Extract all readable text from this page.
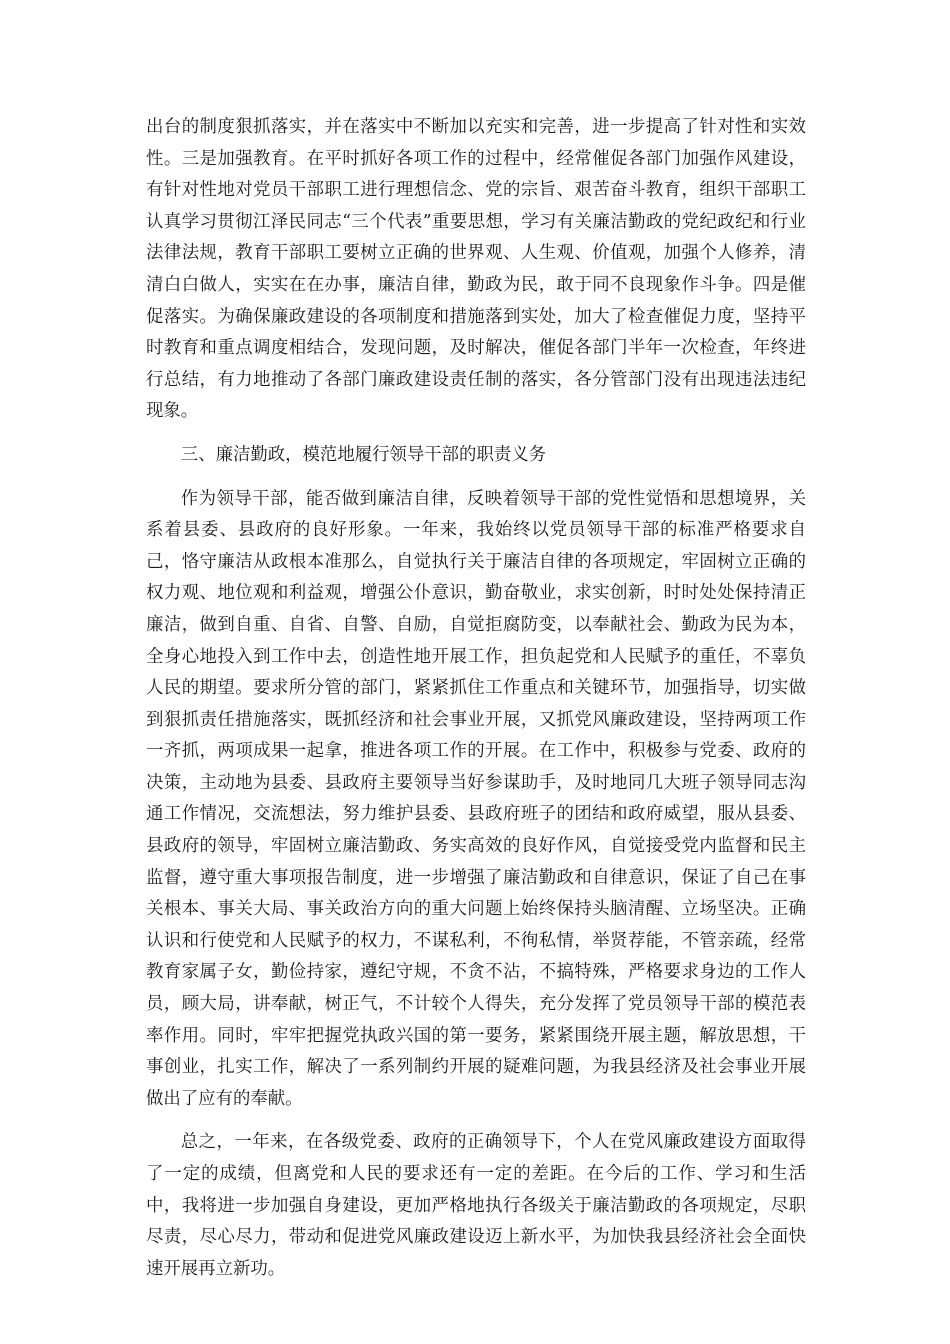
出台的制度狠抓落实，并在落实中不断加以充实和完善，进一步提高了针对性和实效性。三是加强教育。在平时抓好各项工作的过程中，经常催促各部门加强作风建设，有针对性地对党员干部职工进行理想信念、党的宗旨、艰苦奋斗教育，组织干部职工认真学习贯彻江泽民同志“三个代表”重要思想，学习有关廉洁勤政的党纪政纪和行业法律法规，教育干部职工要树立正确的世界观、人生观、价值观，加强个人修养，清清白白做人，实实在在办事，廉洁自律，勤政为民，敢于同不良现象作斗争。四是催促落实。为确保廉政建设的各项制度和措施落到实处，加大了检查催促力度，坚持平时教育和重点调度相结合，发现问题，及时解决，催促各部门半年一次检查，年终进行总结，有力地推动了各部门廉政建设责任制的落实，各分管部门没有出现违法违纪现象。

三、廉洁勤政，模范地履行领导干部的职责义务

作为领导干部，能否做到廉洁自律，反映着领导干部的党性觉悟和思想境界，关系着县委、县政府的良好形象。一年来，我始终以党员领导干部的标准严格要求自己，恪守廉洁从政根本准那么，自觉执行关于廉洁自律的各项规定，牢固树立正确的权力观、地位观和利益观，增强公仆意识，勤奋敬业，求实创新，时时处处保持清正廉洁，做到自重、自省、自警、自励，自觉拒腐防变，以奉献社会、勤政为民为本，全身心地投入到工作中去，创造性地开展工作，担负起党和人民赋予的重任，不辜负人民的期望。要求所分管的部门，紧紧抓住工作重点和关键环节，加强指导，切实做到狠抓责任措施落实，既抓经济和社会事业开展，又抓党风廉政建设，坚持两项工作一齐抓，两项成果一起拿，推进各项工作的开展。在工作中，积极参与党委、政府的决策，主动地为县委、县政府主要领导当好参谋助手，及时地同几大班子领导同志沟通工作情况，交流想法，努力维护县委、县政府班子的团结和政府威望，服从县委、县政府的领导，牢固树立廉洁勤政、务实高效的良好作风，自觉接受党内监督和民主监督，遵守重大事项报告制度，进一步增强了廉洁勤政和自律意识，保证了自己在事关根本、事关大局、事关政治方向的重大问题上始终保持头脑清醒、立场坚决。正确认识和行使党和人民赋予的权力，不谋私利，不徇私情，举贤荐能，不管亲疏，经常教育家属子女，勤俭持家，遵纪守规，不贪不沾，不搞特殊，严格要求身边的工作人员，顾大局，讲奉献，树正气，不计较个人得失，充分发挥了党员领导干部的模范表率作用。同时，牢牢把握党执政兴国的第一要务，紧紧围绕开展主题，解放思想，干事创业，扎实工作，解决了一系列制约开展的疑难问题，为我县经济及社会事业开展做出了应有的奉献。

总之，一年来，在各级党委、政府的正确领导下，个人在党风廉政建设方面取得了一定的成绩，但离党和人民的要求还有一定的差距。在今后的工作、学习和生活中，我将进一步加强自身建设，更加严格地执行各级关于廉洁勤政的各项规定，尽职尽责，尽心尽力，带动和促进党风廉政建设迈上新水平，为加快我县经济社会全面快速开展再立新功。
